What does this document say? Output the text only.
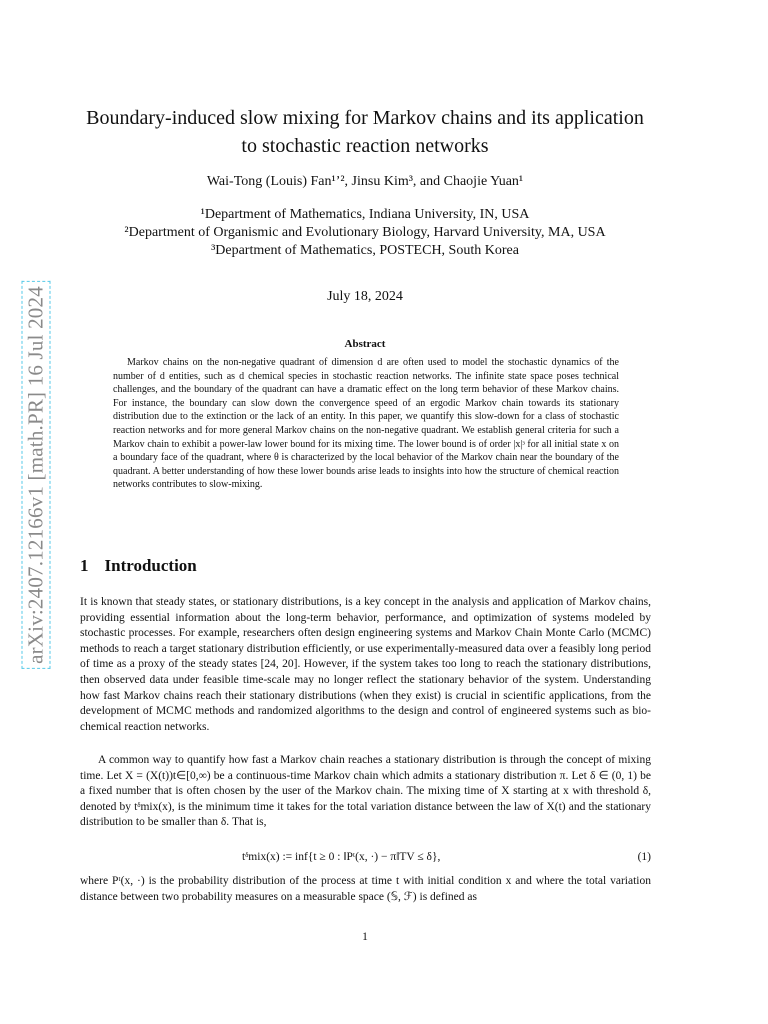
arXiv:2407.12166v1 [math.PR] 16 Jul 2024
Boundary-induced slow mixing for Markov chains and its application to stochastic reaction networks
Wai-Tong (Louis) Fan¹ʼ², Jinsu Kim³, and Chaojie Yuan¹
¹Department of Mathematics, Indiana University, IN, USA
²Department of Organismic and Evolutionary Biology, Harvard University, MA, USA
³Department of Mathematics, POSTECH, South Korea
July 18, 2024
Abstract

Markov chains on the non-negative quadrant of dimension d are often used to model the stochastic dynamics of the number of d entities, such as d chemical species in stochastic reaction networks. The infinite state space poses technical challenges, and the boundary of the quadrant can have a dramatic effect on the long term behavior of these Markov chains. For instance, the boundary can slow down the convergence speed of an ergodic Markov chain towards its stationary distribution due to the extinction or the lack of an entity. In this paper, we quantify this slow-down for a class of stochastic reaction networks and for more general Markov chains on the non-negative quadrant. We establish general criteria for such a Markov chain to exhibit a power-law lower bound for its mixing time. The lower bound is of order |x|ᵌ for all initial state x on a boundary face of the quadrant, where θ is characterized by the local behavior of the Markov chain near the boundary of the quadrant. A better understanding of how these lower bounds arise leads to insights into how the structure of chemical reaction networks contributes to slow-mixing.

1 Introduction

It is known that steady states, or stationary distributions, is a key concept in the analysis and application of Markov chains, providing essential information about the long-term behavior, performance, and optimization of systems modeled by stochastic processes. For example, researchers often design engineering systems and Markov Chain Monte Carlo (MCMC) methods to reach a target stationary distribution efficiently, or use experimentally-measured data over a feasibly long period of time as a proxy of the steady states [24, 20]. However, if the system takes too long to reach the stationary distributions, then observed data under feasible time-scale may no longer reflect the stationary behavior of the system. Understanding how fast Markov chains reach their stationary distributions (when they exist) is crucial in scientific applications, from the development of MCMC methods and randomized algorithms to the design and control of engineered systems such as bio-chemical reaction networks.

A common way to quantify how fast a Markov chain reaches a stationary distribution is through the concept of mixing time. Let X = (X(t))t∈[0,∞) be a continuous-time Markov chain which admits a stationary distribution π. Let δ ∈ (0, 1) be a fixed number that is often chosen by the user of the Markov chain. The mixing time of X starting at x with threshold δ, denoted by tᵟmix(x), is the minimum time it takes for the total variation distance between the law of X(t) and the stationary distribution to be smaller than δ. That is,

tᵟmix(x) := inf{t ≥ 0 : ‖Pᵗ(x, ·) − π‖TV ≤ δ},	(1)

where Pᵗ(x, ·) is the probability distribution of the process at time t with initial condition x and where the total variation distance between two probability measures on a measurable space (𝕊, ℱ) is defined as

1
